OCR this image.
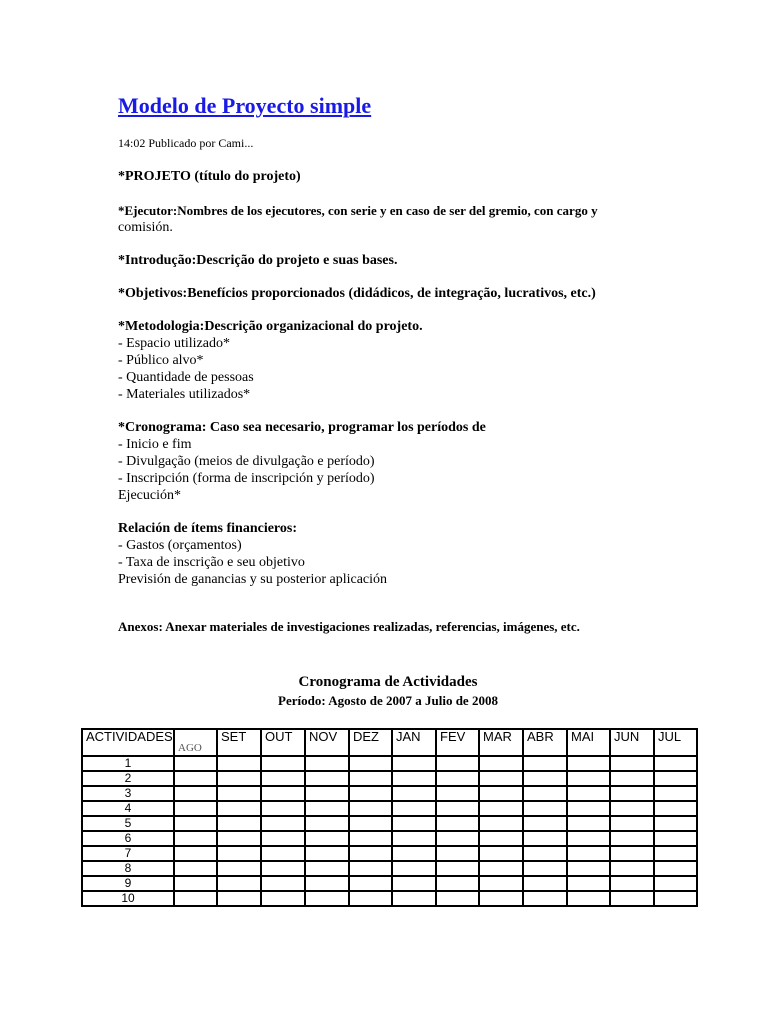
Modelo de Proyecto simple
14:02 Publicado por Cami...
*PROJETO (título do projeto)
*Ejecutor:Nombres de los ejecutores, con serie y en caso de ser del gremio, con cargo y
comisión.
*Introdução:Descrição do projeto e suas bases.
*Objetivos:Benefícios proporcionados (didádicos, de integração, lucrativos, etc.)
*Metodologia:Descrição organizacional do projeto.
- Espacio utilizado*
- Público alvo*
- Quantidade de pessoas
- Materiales utilizados*
*Cronograma: Caso sea necesario, programar los períodos de
- Inicio e fim
- Divulgação (meios de divulgação e período)
- Inscripción (forma de inscripción y período)
Ejecución*
Relación de ítems financieros:
- Gastos (orçamentos)
- Taxa de inscrição e seu objetivo
Previsión de ganancias y su posterior aplicación
Anexos: Anexar materiales de investigaciones realizadas, referencias, imágenes, etc.
Cronograma de Actividades
Período: Agosto de 2007 a Julio de 2008
ACTIVIDADES	AGO	SET	OUT	NOV	DEZ	JAN	FEV	MAR	ABR	MAI	JUN	JUL
1												
2												
3												
4												
5												
6												
7												
8												
9												
10												
